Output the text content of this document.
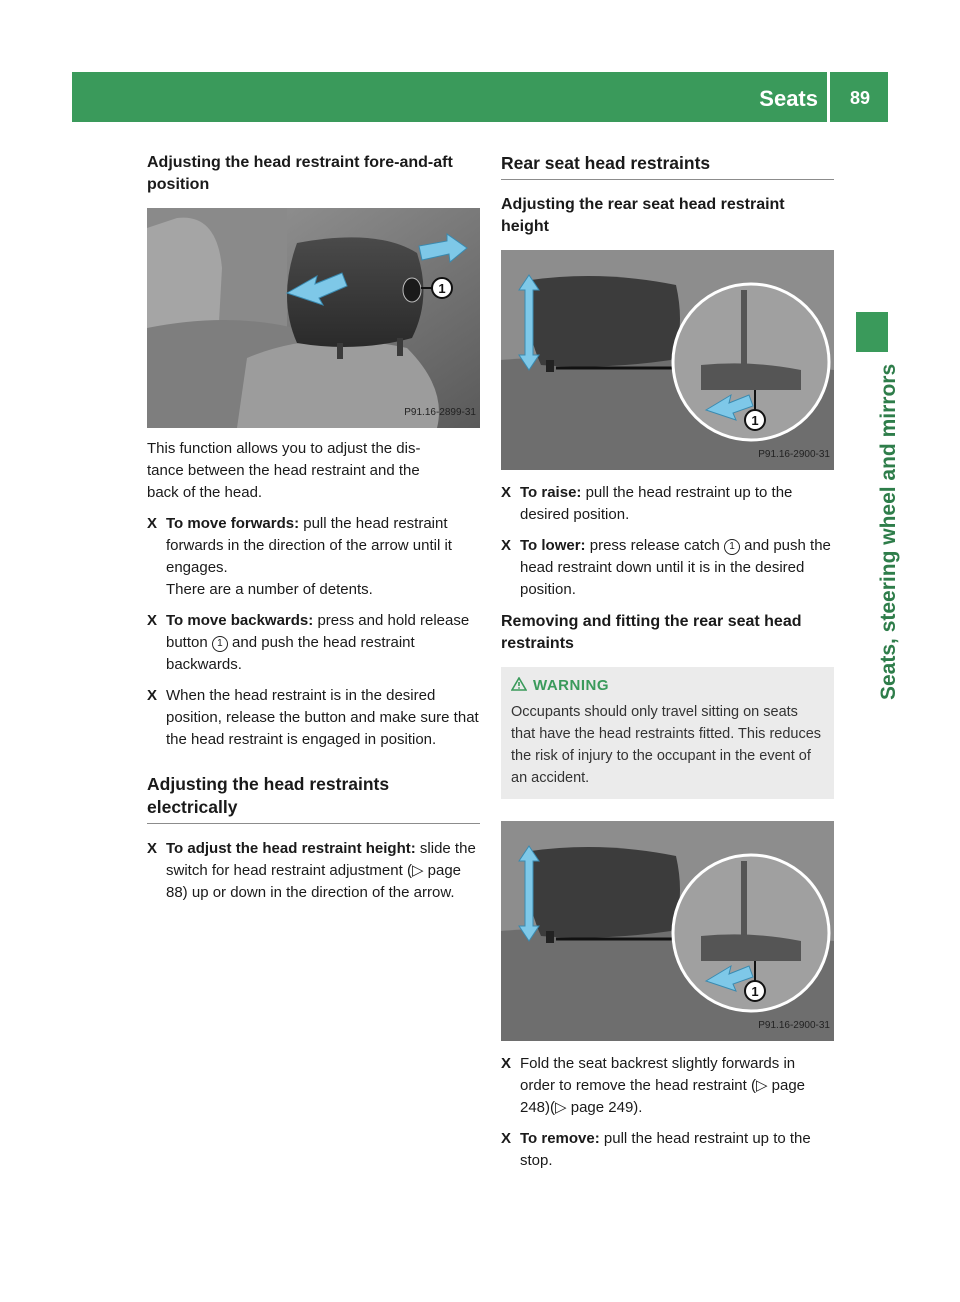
Seats 89
Seats, steering wheel and mirrors
Adjusting the head restraint fore-and-aft position
1
P91.16-2899-31

This function allows you to adjust the dis-
tance between the head restraint and the
back of the head.

X To move forwards: pull the head restraint forwards in the direction of the arrow until it engages.
There are a number of detents.
X To move backwards: press and hold release button 1 and push the head restraint backwards.
X When the head restraint is in the desired position, release the button and make sure that the head restraint is engaged in position.
Adjusting the head restraints electrically
X To adjust the head restraint height: slide the switch for head restraint adjustment (▷ page 88) up or down in the direction of the arrow.
Rear seat head restraints
Adjusting the rear seat head restraint height
1
P91.16-2900-31
X To raise: pull the head restraint up to the desired position.
X To lower: press release catch 1 and push the head restraint down until it is in the desired position.
Removing and fitting the rear seat head restraints
WARNING
Occupants should only travel sitting on seats that have the head restraints fitted. This reduces the risk of injury to the occupant in the event of an accident.
1
P91.16-2900-31
X Fold the seat backrest slightly forwards in order to remove the head restraint (▷ page 248)(▷ page 249).
X To remove: pull the head restraint up to the stop.
